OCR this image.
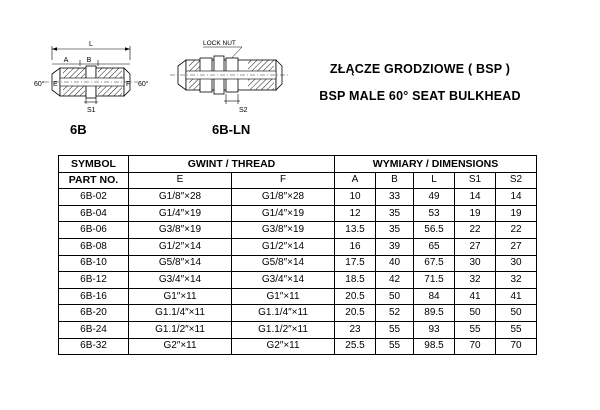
L
A	B
E	F
60°	60°
S1
LOCK NUT
S2
6B	6B-LN
ZŁĄCZE GRODZIOWE ( BSP )
BSP MALE 60° SEAT BULKHEAD
SYMBOL	GWINT / THREAD		WYMIARY / DIMENSIONS				
PART NO.	E	F	A	B	L	S1	S2
6B-02	G1/8″×28	G1/8″×28	10	33	49	14	14
6B-04	G1/4″×19	G1/4″×19	12	35	53	19	19
6B-06	G3/8″×19	G3/8″×19	13.5	35	56.5	22	22
6B-08	G1/2″×14	G1/2″×14	16	39	65	27	27
6B-10	G5/8″×14	G5/8″×14	17.5	40	67.5	30	30
6B-12	G3/4″×14	G3/4″×14	18.5	42	71.5	32	32
6B-16	G1″×11	G1″×11	20.5	50	84	41	41
6B-20	G1.1/4″×11	G1.1/4″×11	20.5	52	89.5	50	50
6B-24	G1.1/2″×11	G1.1/2″×11	23	55	93	55	55
6B-32	G2″×11	G2″×11	25.5	55	98.5	70	70
